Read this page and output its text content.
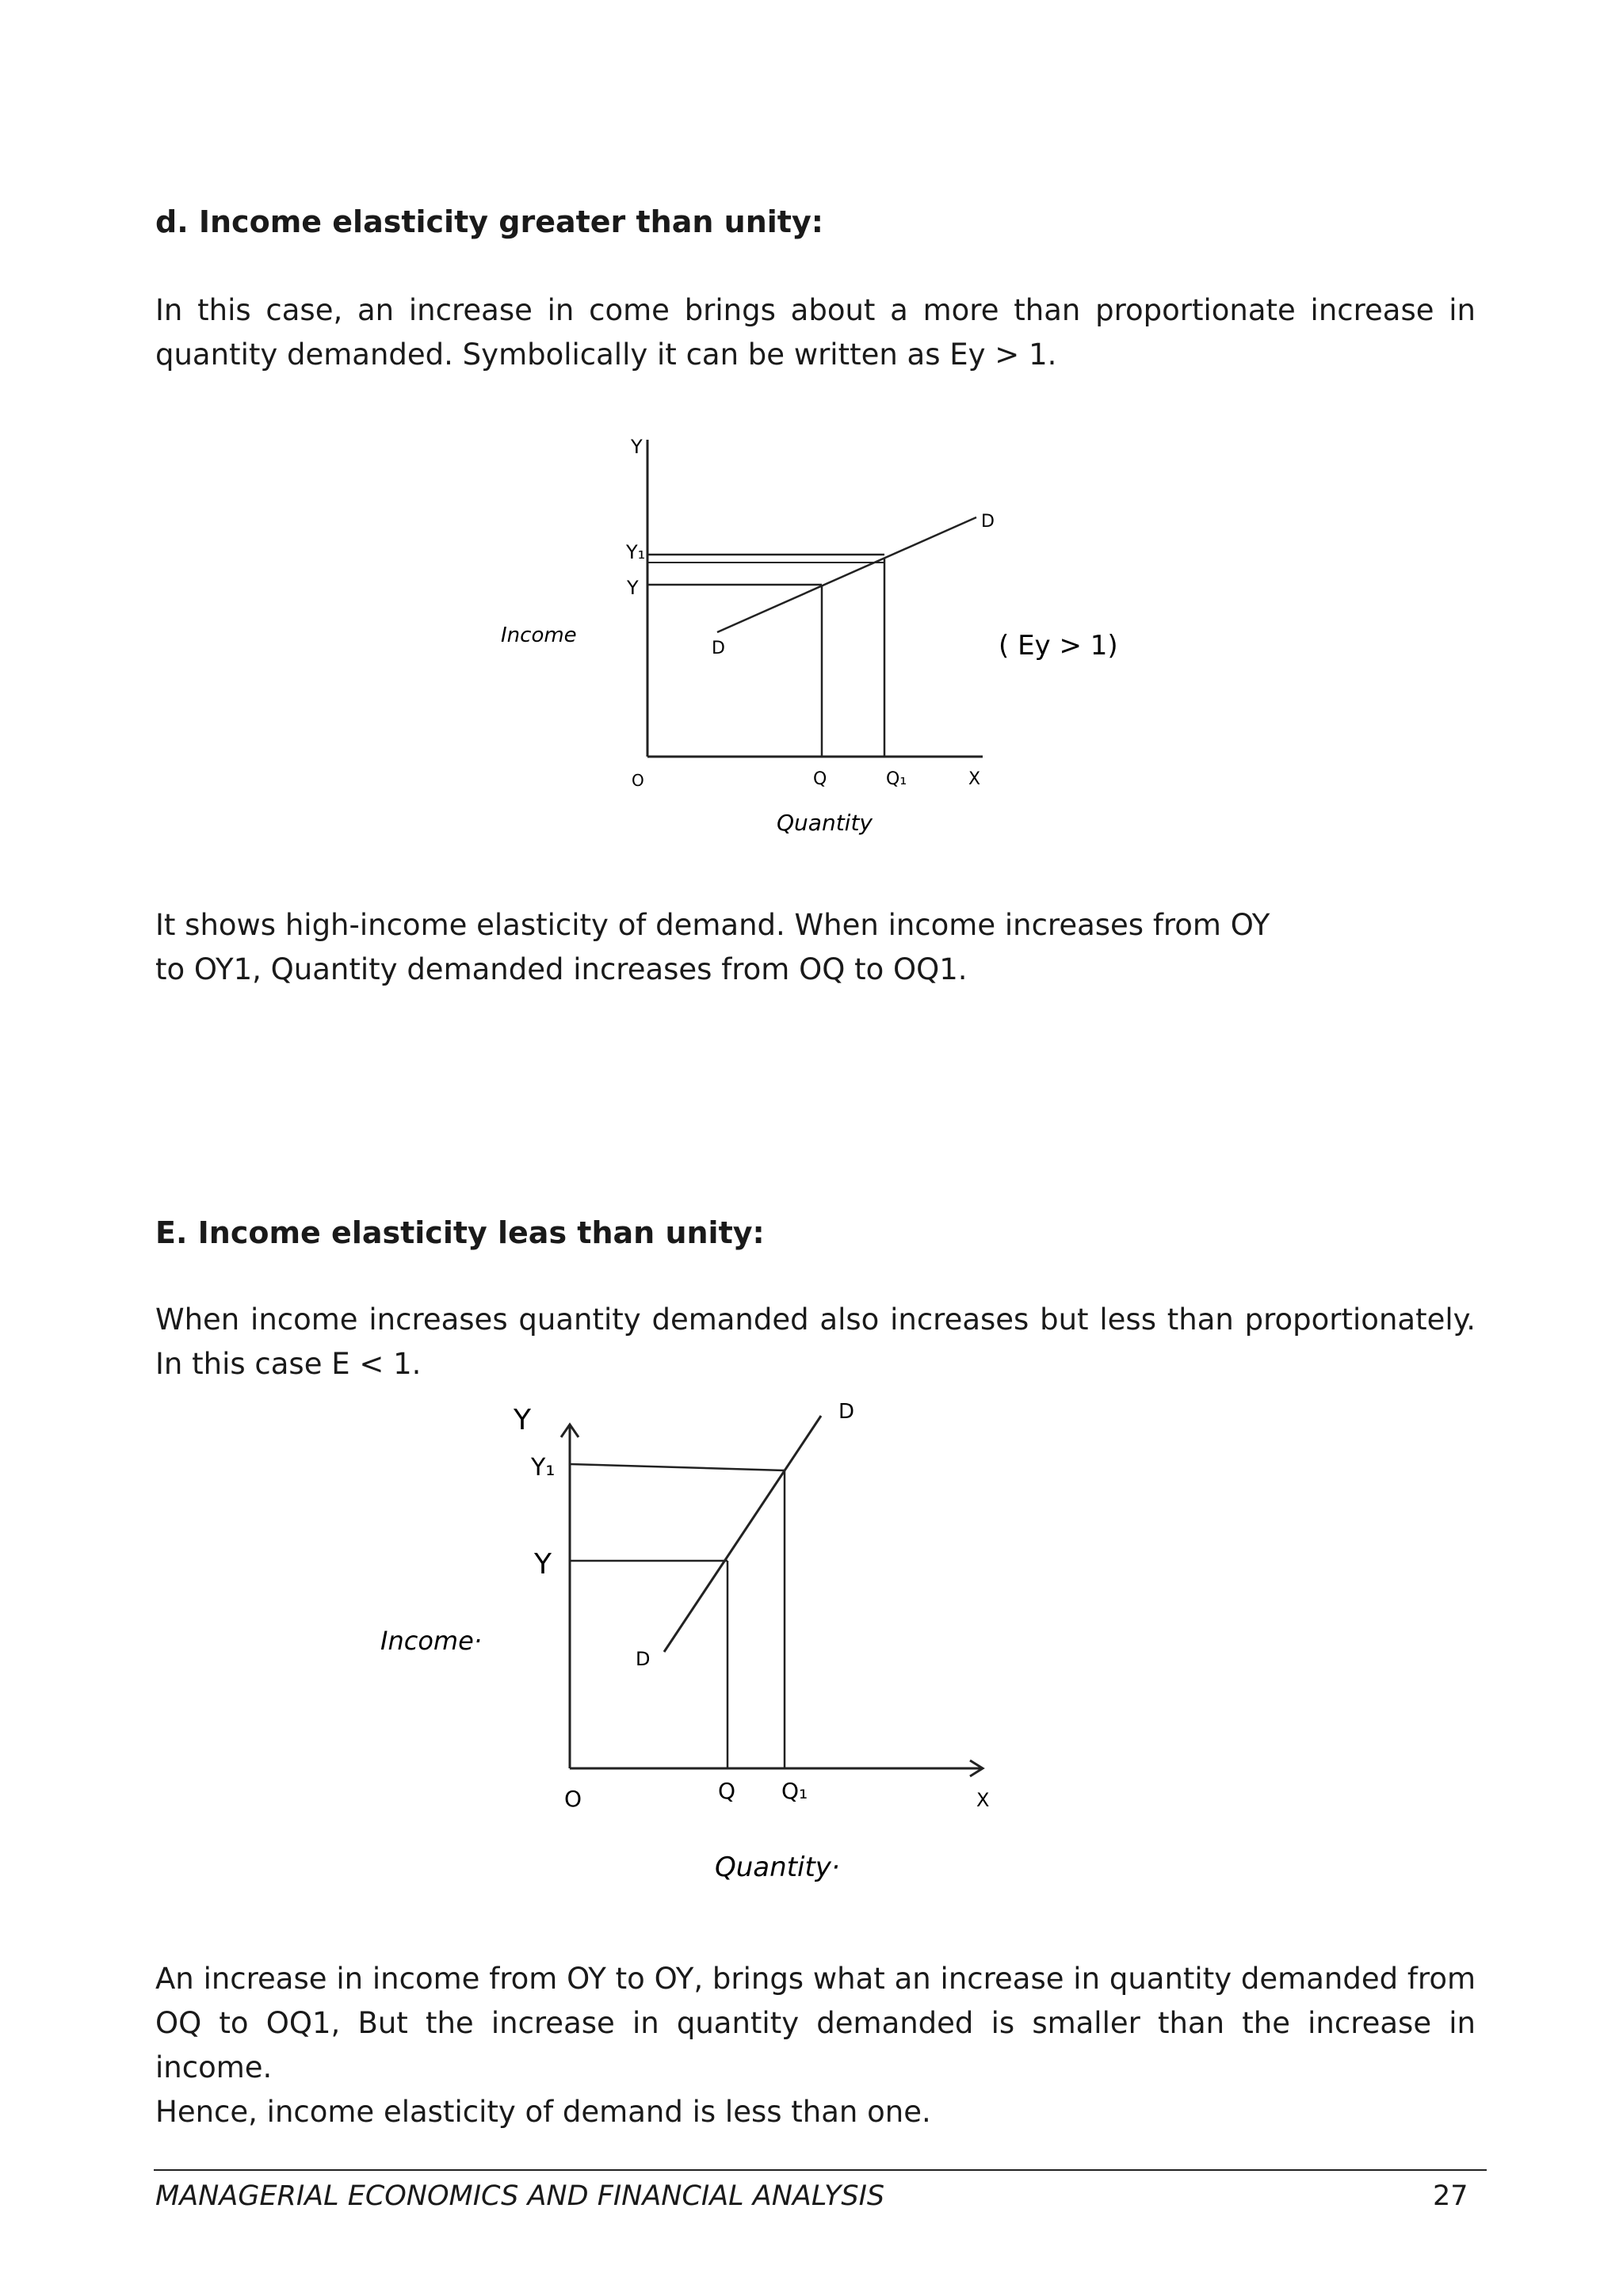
d. Income elasticity greater than unity:
In this case, an increase in come brings about a more than proportionate increase in
quantity demanded. Symbolically it can be written as Ey > 1.
Y
Y₁
Y
Income
D
D
( Ey > 1)
O	Q	Q₁	X
Quantity
It shows high-income elasticity of demand. When income increases from OY
to OY1, Quantity demanded increases from OQ to OQ1.
E. Income elasticity leas than unity:
When income increases quantity demanded also increases but less than proportionately.
In this case E < 1.
Y
Y₁
Y
Income·
D
D
O	Q Q₁	X
Quantity·
An increase in income from OY to OY, brings what an increase in quantity demanded from
OQ to OQ1, But the increase in quantity demanded is smaller than the increase in income.
Hence, income elasticity of demand is less than one.
MANAGERIAL ECONOMICS AND FINANCIAL ANALYSIS	27
